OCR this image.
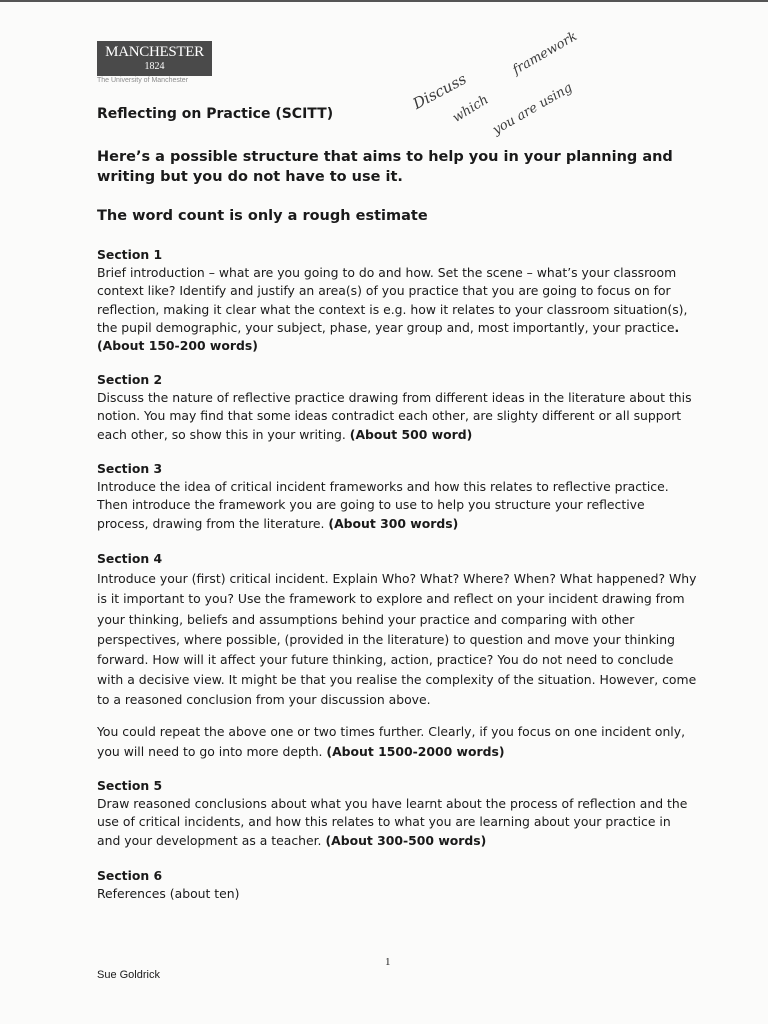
MANCHESTER
1824
The University of Manchester	Discuss
which
framework
you are using
Reflecting on Practice (SCITT)
Here’s a possible structure that aims to help you in your planning and writing but you do not have to use it.
The word count is only a rough estimate
Section 1
Brief introduction – what are you going to do and how. Set the scene – what’s your classroom context like? Identify and justify an area(s) of you practice that you are going to focus on for reflection, making it clear what the context is e.g. how it relates to your classroom situation(s), the pupil demographic, your subject, phase, year group and, most importantly, your practice. (About 150-200 words)
Section 2
Discuss the nature of reflective practice drawing from different ideas in the literature about this notion. You may find that some ideas contradict each other, are slighty different or all support each other, so show this in your writing. (About 500 word)
Section 3
Introduce the idea of critical incident frameworks and how this relates to reflective practice. Then introduce the framework you are going to use to help you structure your reflective process, drawing from the literature. (About 300 words)
Section 4
Introduce your (first) critical incident. Explain Who? What? Where? When? What happened? Why is it important to you? Use the framework to explore and reflect on your incident drawing from your thinking, beliefs and assumptions behind your practice and comparing with other perspectives, where possible, (provided in the literature) to question and move your thinking forward. How will it affect your future thinking, action, practice? You do not need to conclude with a decisive view. It might be that you realise the complexity of the situation. However, come to a reasoned conclusion from your discussion above.
You could repeat the above one or two times further. Clearly, if you focus on one incident only, you will need to go into more depth. (About 1500-2000 words)
Section 5
Draw reasoned conclusions about what you have learnt about the process of reflection and the use of critical incidents, and how this relates to what you are learning about your practice in and your development as a teacher. (About 300-500 words)
Section 6
References (about ten)
1
Sue Goldrick
